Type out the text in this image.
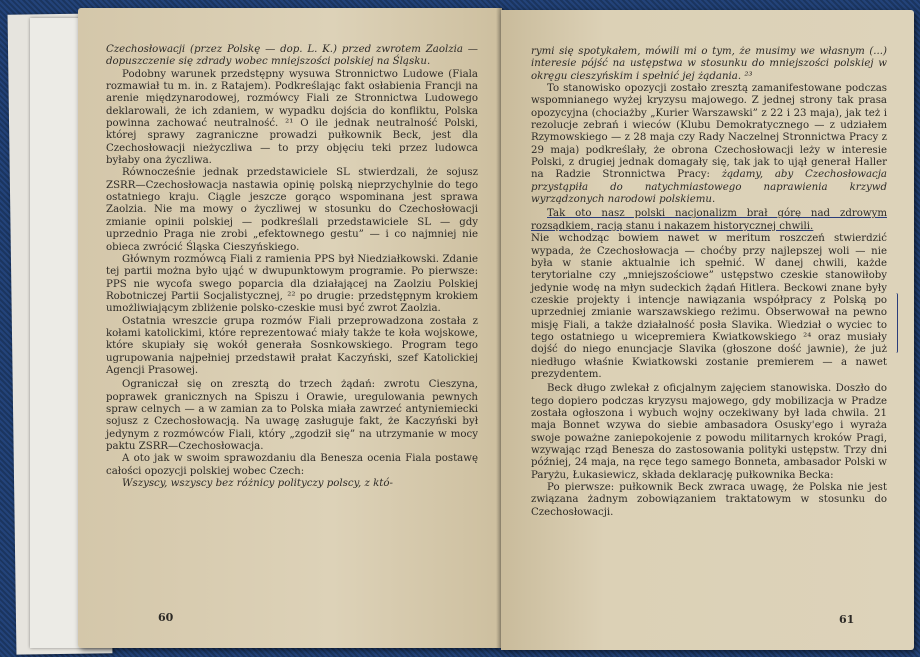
Czechosłowacji (przez Polskę — dop. L. K.) przed zwrotem Zaolzia — dopuszczenie się zdrady wobec mniejszości polskiej na Śląsku.

Podobny warunek przedstępny wysuwa Stronnictwo Ludowe (Fiala rozmawiał tu m. in. z Ratajem). Podkreślając fakt osłabienia Francji na arenie międzynarodowej, rozmówcy Fiali ze Stronnictwa Ludowego deklarowali, że ich zdaniem, w wypadku dojścia do konfliktu, Polska powinna zachować neutralność. ²¹ O ile jednak neutralność Polski, której sprawy zagraniczne prowadzi pułkownik Beck, jest dla Czechosłowacji nieżyczliwa — to przy objęciu teki przez ludowca byłaby ona życzliwa.

Równocześnie jednak przedstawiciele SL stwierdzali, że sojusz ZSRR—Czechosłowacja nastawia opinię polską nieprzychylnie do tego ostatniego kraju. Ciągle jeszcze gorąco wspominana jest sprawa Zaolzia. Nie ma mowy o życzliwej w stosunku do Czechosłowacji zmianie opinii polskiej — podkreślali przedstawiciele SL — gdy uprzednio Praga nie zrobi „efektownego gestu” — i co najmniej nie obieca zwrócić Śląska Cieszyńskiego.

Głównym rozmówcą Fiali z ramienia PPS był Niedziałkowski. Zdanie tej partii można było ująć w dwupunktowym programie. Po pierwsze: PPS nie wycofa swego poparcia dla działającej na Zaolziu Polskiej Robotniczej Partii Socjalistycznej, ²² po drugie: przedstępnym krokiem umożliwiającym zbliżenie polsko-czeskie musi być zwrot Zaolzia.

Ostatnia wreszcie grupa rozmów Fiali przeprowadzona została z kołami katolickimi, które reprezentować miały także te koła wojskowe, które skupiały się wokół generała Sosnkowskiego. Program tego ugrupowania najpełniej przedstawił prałat Kaczyński, szef Katolickiej Agencji Prasowej.

Ograniczał się on zresztą do trzech żądań: zwrotu Cieszyna, poprawek granicznych na Spiszu i Orawie, uregulowania pewnych spraw celnych — a w zamian za to Polska miała zawrzeć antyniemiecki sojusz z Czechosłowacją. Na uwagę zasługuje fakt, że Kaczyński był jedynym z rozmówców Fiali, który „zgodził się” na utrzymanie w mocy paktu ZSRR—Czechosłowacja.

A oto jak w swoim sprawozdaniu dla Benesza ocenia Fiala postawę całości opozycji polskiej wobec Czech:

Wszyscy, wszyscy bez różnicy polityczy polscy, z któ-

60

rymi się spotykałem, mówili mi o tym, że musimy we własnym (...) interesie pójść na ustępstwa w stosunku do mniejszości polskiej w okręgu cieszyńskim i spełnić jej żądania. ²³

To stanowisko opozycji zostało zresztą zamanifestowane podczas wspomnianego wyżej kryzysu majowego. Z jednej strony tak prasa opozycyjna (chociażby „Kurier Warszawski” z 22 i 23 maja), jak też i rezolucje zebrań i wieców (Klubu Demokratycznego — z udziałem Rzymowskiego — z 28 maja czy Rady Naczelnej Stronnictwa Pracy z 29 maja) podkreślały, że obrona Czechosłowacji leży w interesie Polski, z drugiej jednak domagały się, tak jak to ujął generał Haller na Radzie Stronnictwa Pracy: żądamy, aby Czechosłowacja przystąpiła do natychmiastowego naprawienia krzywd wyrządzonych narodowi polskiemu.

Tak oto nasz polski nacjonalizm brał górę nad zdrowym rozsądkiem, racją stanu i nakazem historycznej chwili.

Nie wchodząc bowiem nawet w meritum roszczeń stwierdzić wypada, że Czechosłowacja — choćby przy najlepszej woli — nie była w stanie aktualnie ich spełnić. W danej chwili, każde terytorialne czy „mniejszościowe” ustępstwo czeskie stanowiłoby jedynie wodę na młyn sudeckich żądań Hitlera. Beckowi znane były czeskie projekty i intencje nawiązania współpracy z Polską po uprzedniej zmianie warszawskiego reżimu. Obserwował na pewno misję Fiali, a także działalność posła Slavika. Wiedział o wyciec to tego ostatniego u wicepremiera Kwiatkowskiego ²⁴ oraz musiały dojść do niego enuncjacje Slavika (głoszone dość jawnie), że już niedługo właśnie Kwiatkowski zostanie premierem — a nawet prezydentem.

Beck długo zwlekał z oficjalnym zajęciem stanowiska. Doszło do tego dopiero podczas kryzysu majowego, gdy mobilizacja w Pradze została ogłoszona i wybuch wojny oczekiwany był lada chwila. 21 maja Bonnet wzywa do siebie ambasadora Osusky'ego i wyraża swoje poważne zaniepokojenie z powodu militarnych kroków Pragi, wzywając rząd Benesza do zastosowania polityki ustępstw. Trzy dni później, 24 maja, na ręce tego samego Bonneta, ambasador Polski w Paryżu, Łukasiewicz, składa deklarację pułkownika Becka:

Po pierwsze: pułkownik Beck zwraca uwagę, że Polska nie jest związana żadnym zobowiązaniem traktatowym w stosunku do Czechosłowacji.

61
